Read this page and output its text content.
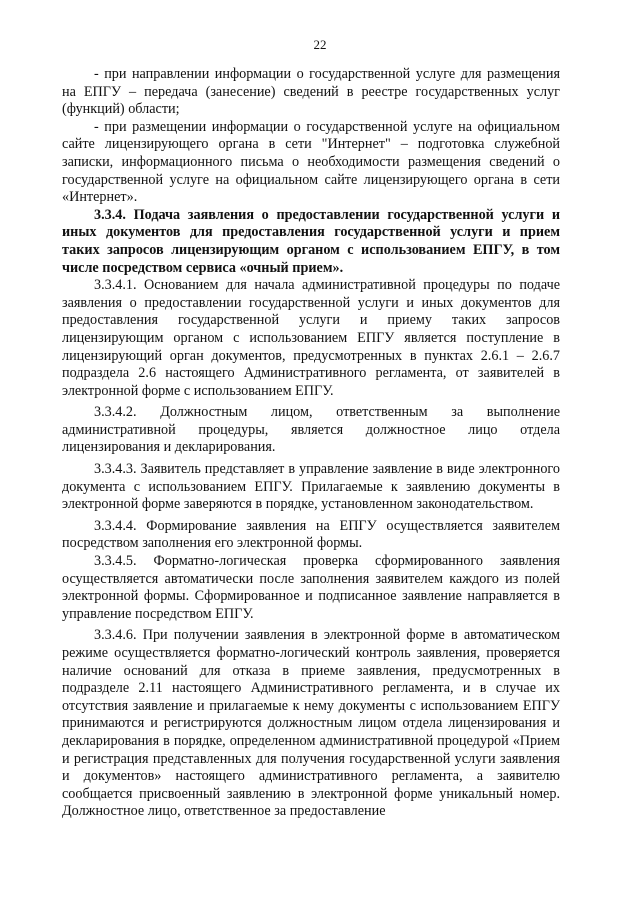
22

- при направлении информации о государственной услуге для размещения на ЕПГУ – передача (занесение) сведений в реестре государственных услуг (функций) области;

- при размещении информации о государственной услуге на официальном сайте лицензирующего органа в сети "Интернет" – подготовка служебной записки, информационного письма о необходимости размещения сведений о государственной услуге на официальном сайте лицензирующего органа в сети «Интернет».

3.3.4. Подача заявления о предоставлении государственной услуги и иных документов для предоставления государственной услуги и прием таких запросов лицензирующим органом с использованием ЕПГУ, в том числе посредством сервиса «очный прием».

3.3.4.1. Основанием для начала административной процедуры по подаче заявления о предоставлении государственной услуги и иных документов для предоставления государственной услуги и приему таких запросов лицензирующим органом с использованием ЕПГУ является поступление в лицензирующий орган документов, предусмотренных в пунктах 2.6.1 – 2.6.7 подраздела 2.6 настоящего Административного регламента, от заявителей в электронной форме с использованием ЕПГУ.

3.3.4.2. Должностным лицом, ответственным за выполнение административной процедуры, является должностное лицо отдела лицензирования и декларирования.

3.3.4.3. Заявитель представляет в управление заявление в виде электронного документа с использованием ЕПГУ. Прилагаемые к заявлению документы в электронной форме заверяются в порядке, установленном законодательством.

3.3.4.4. Формирование заявления на ЕПГУ осуществляется заявителем посредством заполнения его электронной формы.

3.3.4.5. Форматно-логическая проверка сформированного заявления осуществляется автоматически после заполнения заявителем каждого из полей электронной формы. Сформированное и подписанное заявление направляется в управление посредством ЕПГУ.

3.3.4.6. При получении заявления в электронной форме в автоматическом режиме осуществляется форматно-логический контроль заявления, проверяется наличие оснований для отказа в приеме заявления, предусмотренных в подразделе 2.11 настоящего Административного регламента, и в случае их отсутствия заявление и прилагаемые к нему документы с использованием ЕПГУ принимаются и регистрируются должностным лицом отдела лицензирования и декларирования в порядке, определенном административной процедурой «Прием и регистрация представленных для получения государственной услуги заявления и документов» настоящего административного регламента, а заявителю сообщается присвоенный заявлению в электронной форме уникальный номер. Должностное лицо, ответственное за предоставление
